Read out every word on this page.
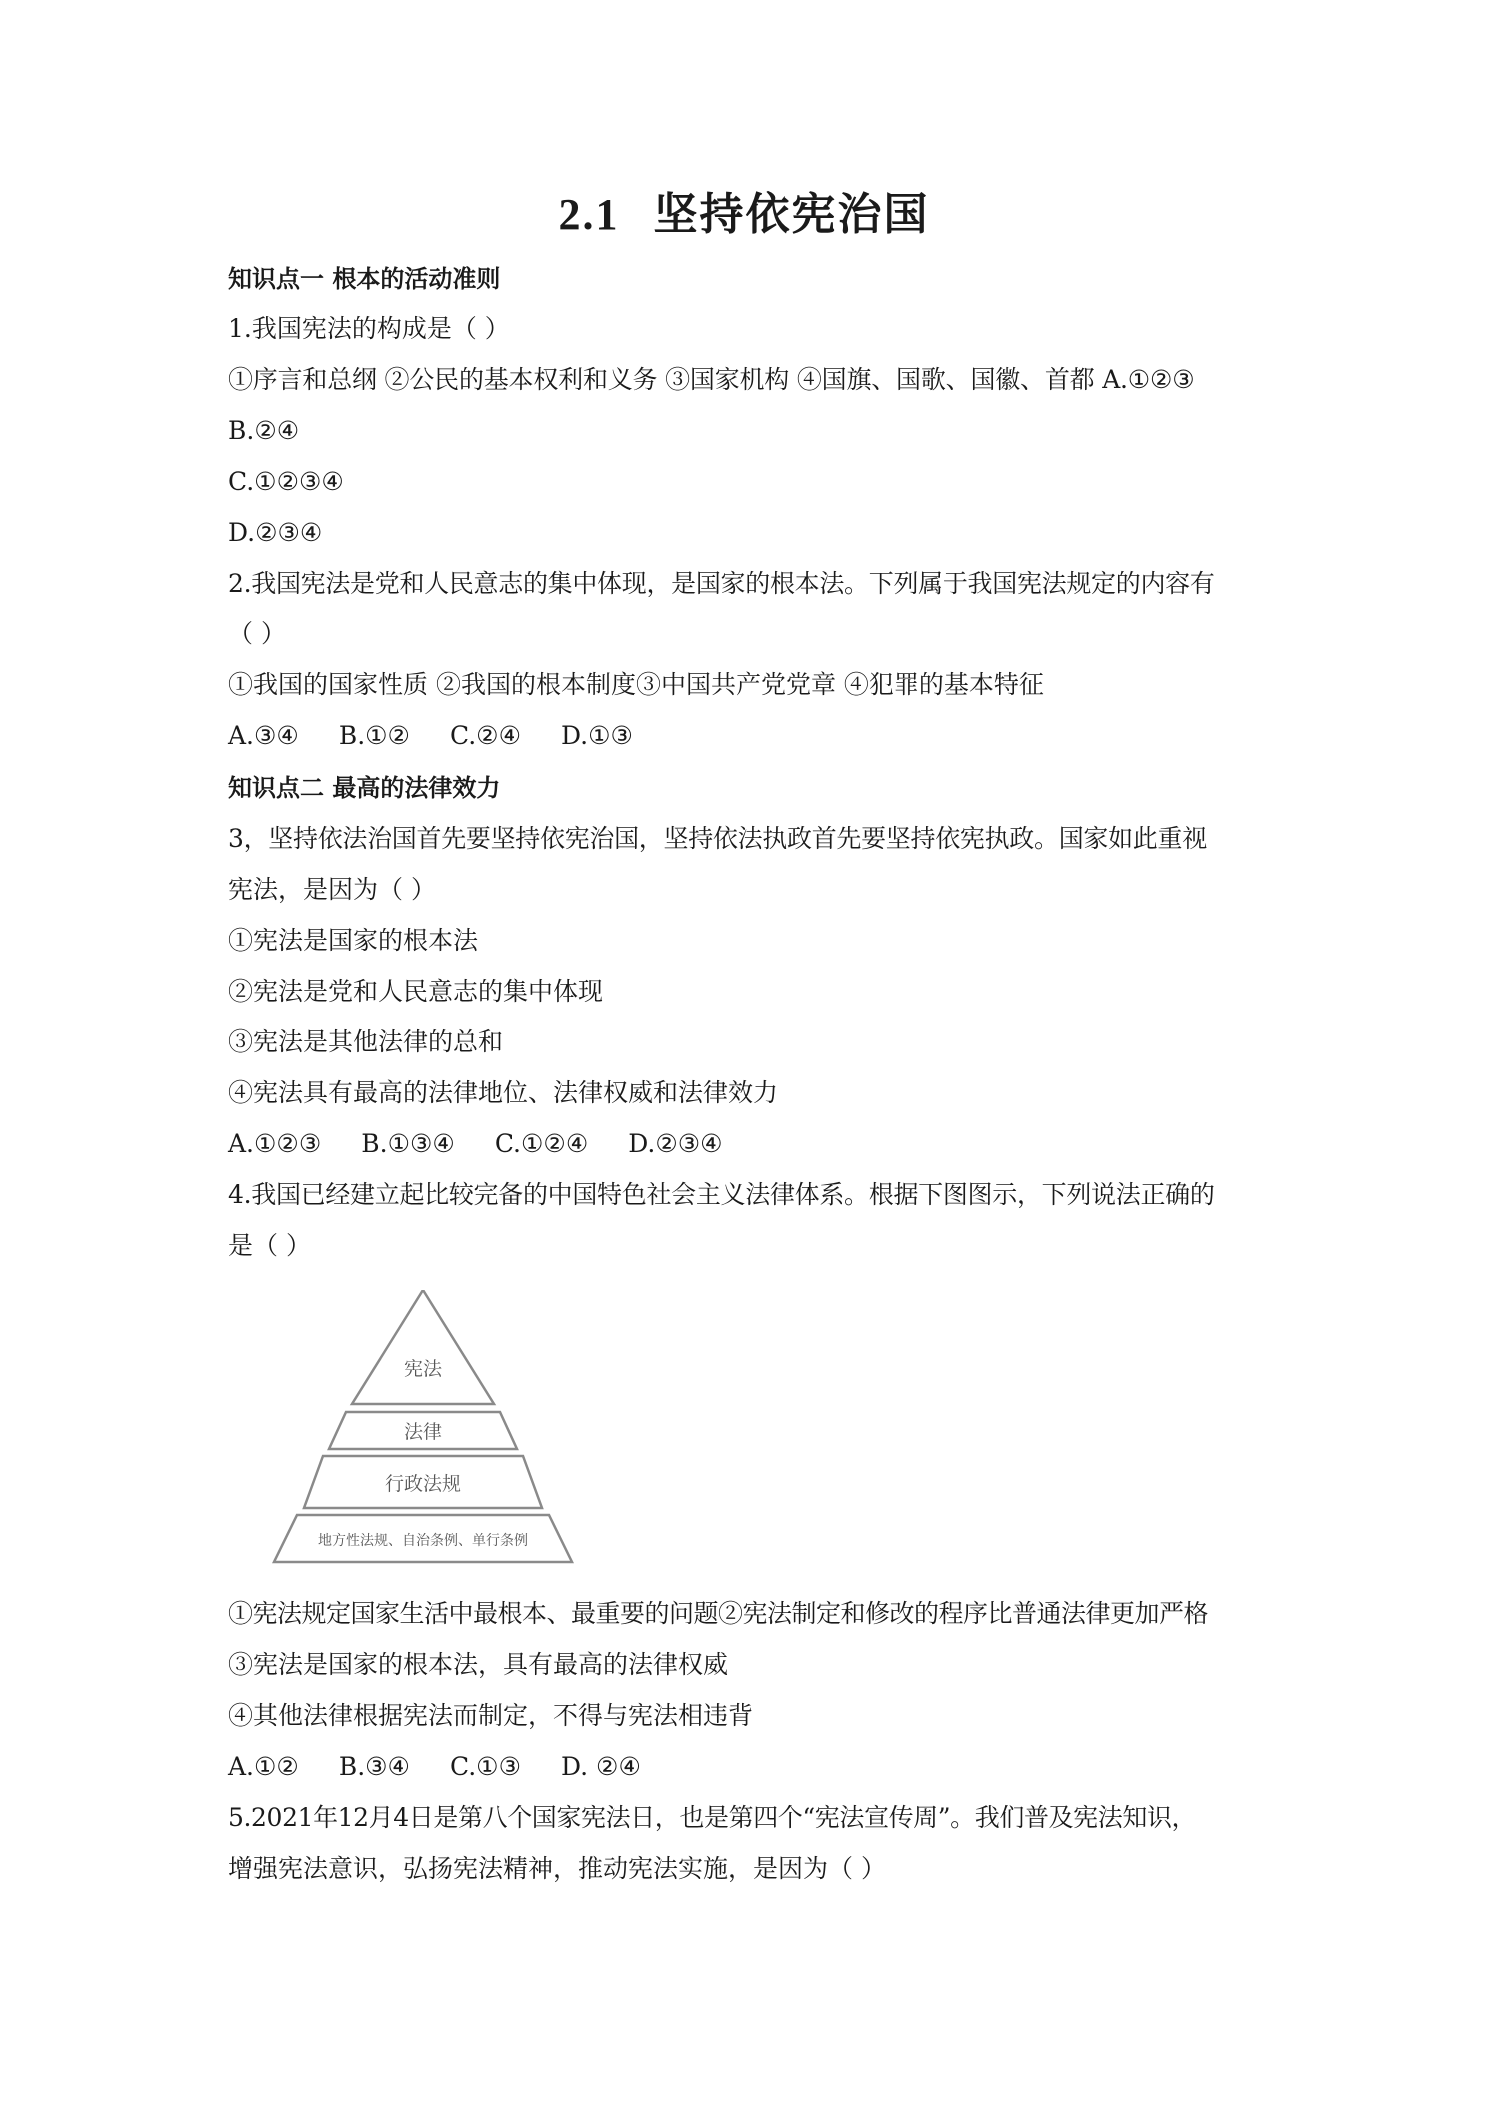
2.1 坚持依宪治国
知识点一 根本的活动准则
1.我国宪法的构成是（ ）
①序言和总纲 ②公民的基本权利和义务 ③国家机构 ④国旗、国歌、国徽、首都 A.①②③
B.②④
C.①②③④
D.②③④
2.我国宪法是党和人民意志的集中体现，是国家的根本法。下列属于我国宪法规定的内容有
（ ）
①我国的国家性质 ②我国的根本制度③中国共产党党章 ④犯罪的基本特征
A.③④ B.①② C.②④ D.①③
知识点二 最高的法律效力
3，坚持依法治国首先要坚持依宪治国，坚持依法执政首先要坚持依宪执政。国家如此重视
宪法，是因为（ ）
①宪法是国家的根本法
②宪法是党和人民意志的集中体现
③宪法是其他法律的总和
④宪法具有最高的法律地位、法律权威和法律效力
A.①②③ B.①③④ C.①②④ D.②③④
4.我国已经建立起比较完备的中国特色社会主义法律体系。根据下图图示，下列说法正确的
是（ ）
宪法
法律
行政法规
地方性法规、自治条例、单行条例
①宪法规定国家生活中最根本、最重要的问题②宪法制定和修改的程序比普通法律更加严格
③宪法是国家的根本法，具有最高的法律权威
④其他法律根据宪法而制定，不得与宪法相违背
A.①② B.③④ C.①③ D. ②④
5.2021年12月4日是第八个国家宪法日，也是第四个“宪法宣传周”。我们普及宪法知识，
增强宪法意识，弘扬宪法精神，推动宪法实施，是因为（ ）
